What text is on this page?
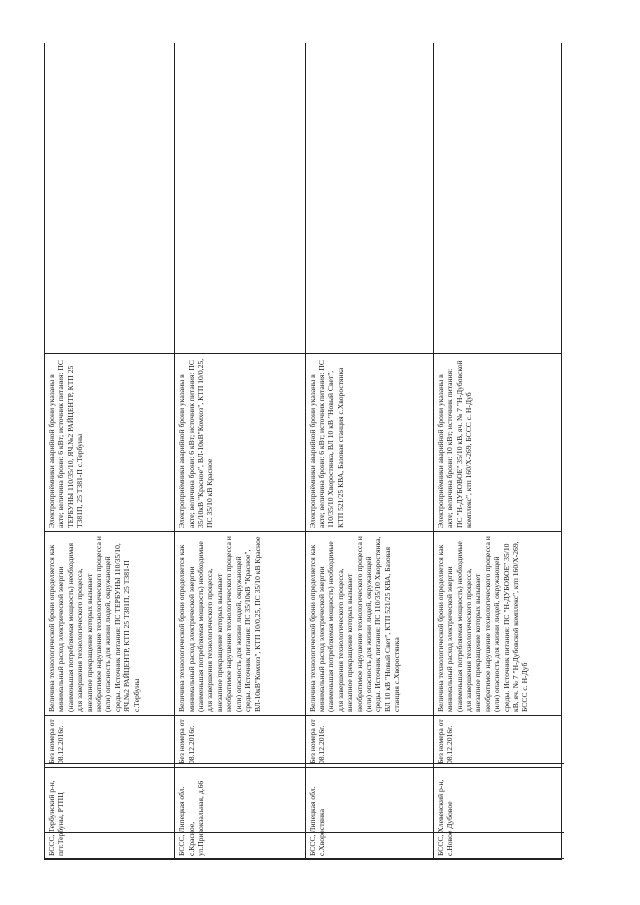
БССС, Тербунский р-н, пгт.Тербуны, РТПЦ	Без номера от 08.12.2016г.	Величина технологической брони определяется как минимальный расход электрической энергии (наименьшая потребляемая мощность) необходимая для завершения технологического процесса, внезапное прекращение которых вызывает необратимое нарушение технологического процесса и (или) опасность для жизни людей, окружающей среды. Источник питания: ПС ТЕРБУНЫ 110/35/10, ЯЧ.№2 РАЙЦЕНТР, КТП 25 Т381П, 25 Т381-П с.Тербуны	Электроприёмники аварийной брони указаны в акте; величина брони: 6 кВт; источник питания: ПС ТЕРБУНЫ 110/35/10, ЯЧ.№2 РАЙЦЕНТР, КТП 25 Т381П, 25 Т381-П с.Тербуны	
БССС, Липецкая обл. с.Красное, ул.Привокзальная, д.66	Без номера от 08.12.2016г.	Величина технологической брони определяется как минимальный расход электрической энергии (наименьшая потребляемая мощность) необходимые для завершения технологического процесса, внезапное прекращение которых вызывает необратимое нарушение технологического процесса и (или) опасность для жизни людей, окружающей среды. Источник питания: ПС 35/10кВ "Красное", ВЛ-10кВ"Комхоз", КТП 10/0,25, ПС 35/10 кВ Красное	Электроприёмники аварийной брони указаны в акте; величина брони: 6 кВт; источник питания: ПС 35/10кВ "Красное", ВЛ-10кВ"Комхоз", КТП 10/0,25, ПС 35/10 кВ Красное	
БССС, Липецкая обл. с.Хворостянка	Без номера от 08.12.2016г.	Величина технологической брони определяется как минимальный расход электрической энергии (наименьшая потребляемая мощность) необходимые для завершения технологического процесса, внезапное прекращение которых вызывает необратимое нарушение технологического процесса и (или) опасность для жизни людей, окружающей среды. Источник питания: ПС 110/35/10 Хворостянка, ВЛ 10 кВ "Новый Свет", КТП 521/25 КВА, Базовая станция с.Хворостянка	Электроприёмники аварийной брони указаны в акте; величина брони: 6 кВт; источник питания: ПС 110/35/10 Хворостянка, ВЛ 10 кВ "Новый Свет", КТП 521/25 КВА, Базовая станция с.Хворостянка	
БССС, Хлевенский р-н, с.Новое Дубовое	Без номера от 08.12.2016г.	Величина технологической брони определяется как минимальный расход электрической энергии (наименьшая потребляемая мощность) необходимые для завершения технологического процесса, внезапное прекращение которых вызывает необратимое нарушение технологического процесса и (или) опасность для жизни людей, окружающей среды. Источник питания: ПС "Н-ДУБОВОЕ" 35/10 кВ, яч. № 7 "Н-Дубовской комплекс", ктп 160/Х-269, БССС с. Н-Дуб	Электроприёмники аварийной брони указаны в акте; величина брони: 10 кВт; источник питания: ПС "Н-ДУБОВОЕ" 35/10 кВ, яч. № 7 "Н-Дубовской комплекс", ктп 160/Х-269, БССС с. Н-Дуб	
